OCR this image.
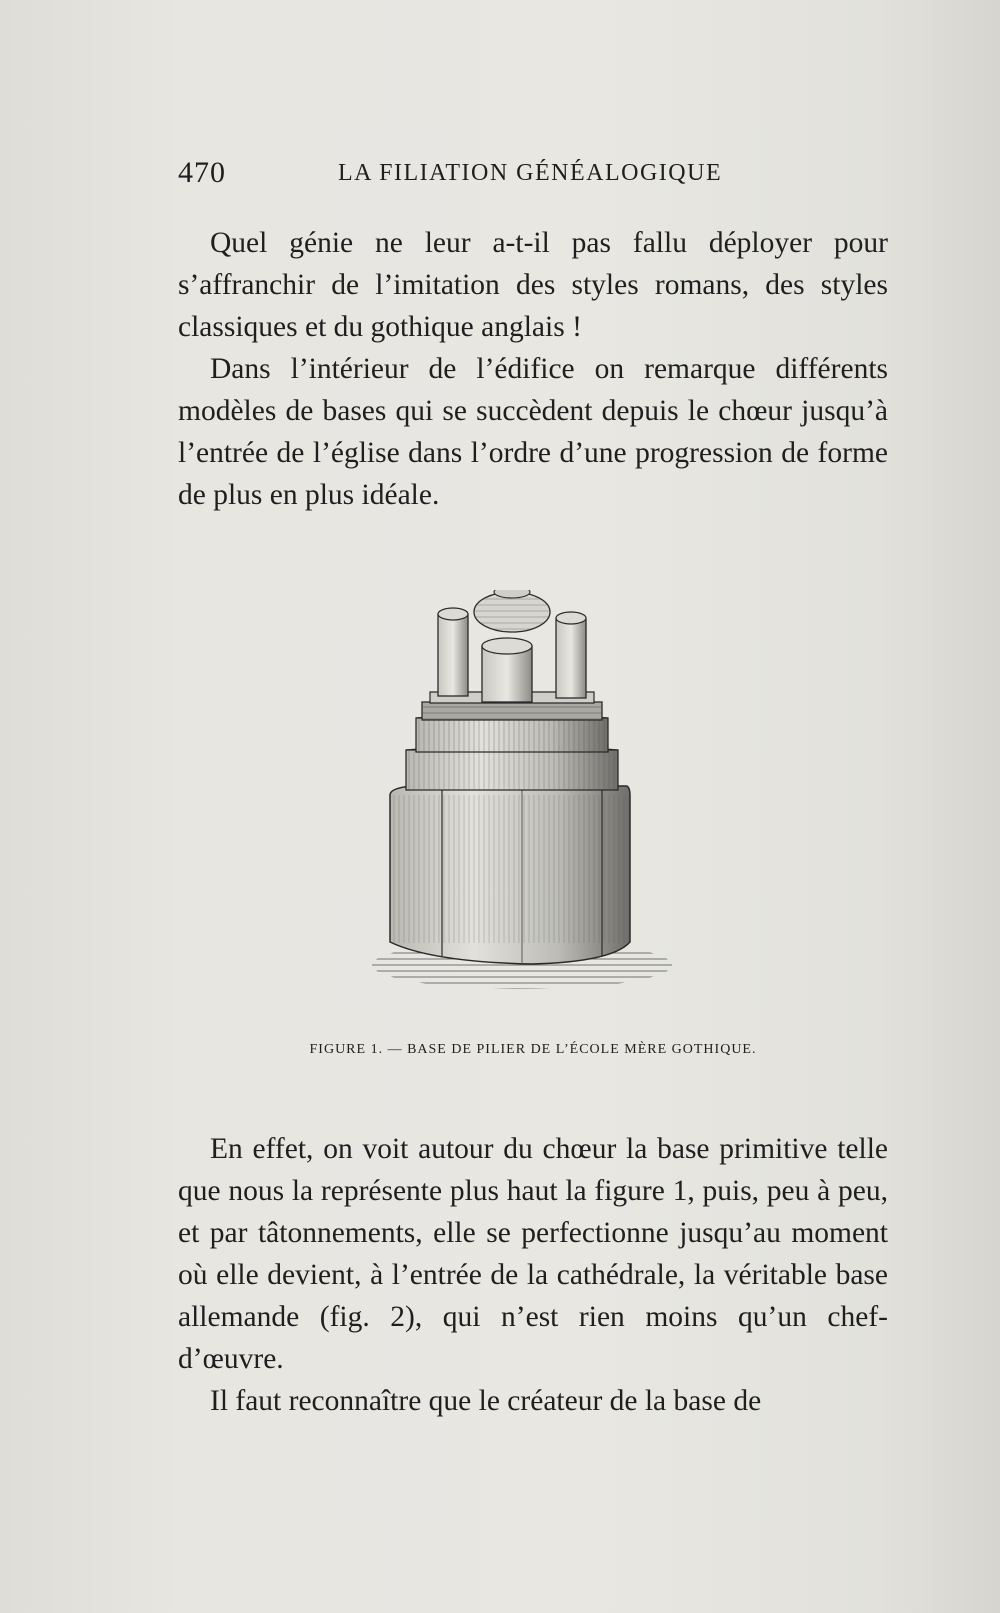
470	LA FILIATION GÉNÉALOGIQUE

Quel génie ne leur a-t-il pas fallu déployer pour s’affranchir de l’imitation des styles romans, des styles classiques et du gothique anglais !

Dans l’intérieur de l’édifice on remarque différents modèles de bases qui se succèdent depuis le chœur jusqu’à l’entrée de l’église dans l’ordre d’une progression de forme de plus en plus idéale.

FIGURE 1. — BASE DE PILIER DE L’ÉCOLE MÈRE GOTHIQUE.

En effet, on voit autour du chœur la base primitive telle que nous la représente plus haut la figure 1, puis, peu à peu, et par tâtonnements, elle se perfectionne jusqu’au moment où elle devient, à l’entrée de la cathédrale, la véritable base allemande (fig. 2), qui n’est rien moins qu’un chef-d’œuvre.

Il faut reconnaître que le créateur de la base de
